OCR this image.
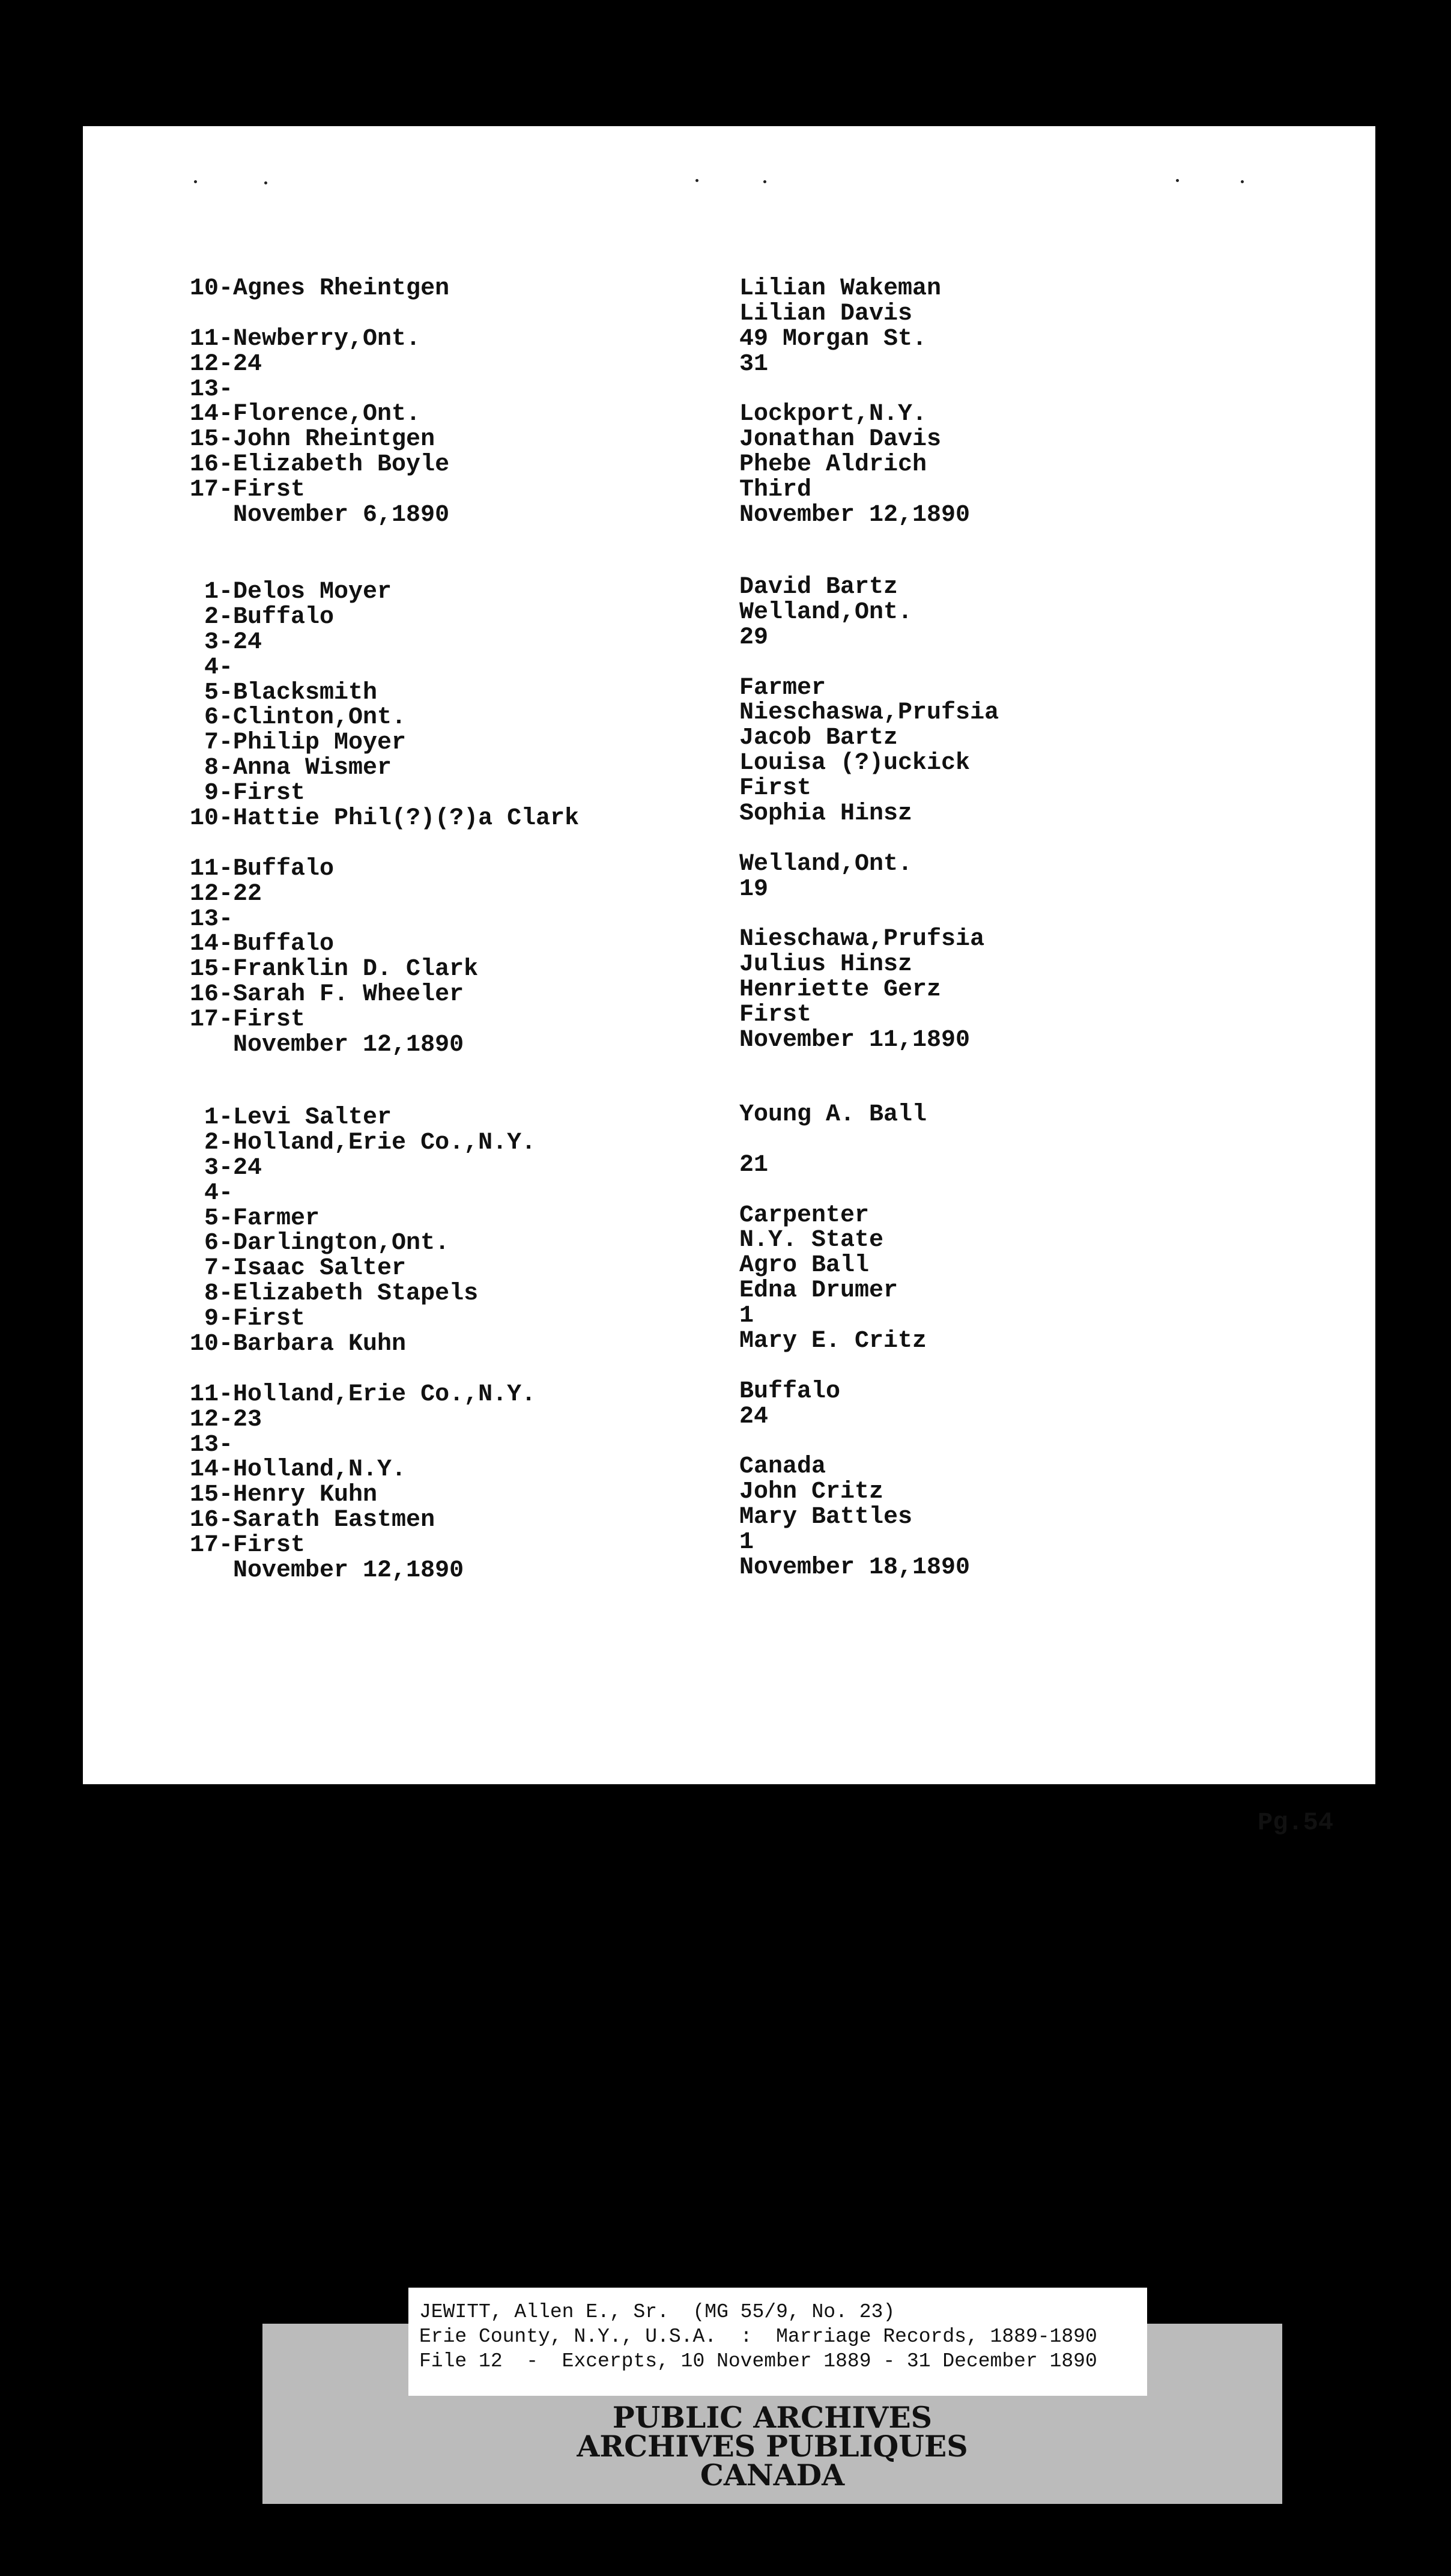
10-Agnes Rheintgen
11-Newberry,Ont.
12-24
13-
14-Florence,Ont.
15-John Rheintgen
16-Elizabeth Boyle
17-First
November 6,1890
1-Delos Moyer
2-Buffalo
3-24
4-
5-Blacksmith
6-Clinton,Ont.
7-Philip Moyer
8-Anna Wismer
9-First
10-Hattie Phil(?)(?)a Clark
11-Buffalo
12-22
13-
14-Buffalo
15-Franklin D. Clark
16-Sarah F. Wheeler
17-First
November 12,1890
1-Levi Salter
2-Holland,Erie Co.,N.Y.
3-24
4-
5-Farmer
6-Darlington,Ont.
7-Isaac Salter
8-Elizabeth Stapels
9-First
10-Barbara Kuhn
11-Holland,Erie Co.,N.Y.
12-23
13-
14-Holland,N.Y.
15-Henry Kuhn
16-Sarath Eastmen
17-First
November 12,1890
Lilian Wakeman
Lilian Davis
49 Morgan St.
31
Lockport,N.Y.
Jonathan Davis
Phebe Aldrich
Third
November 12,1890
David Bartz
Welland,Ont.
29
Farmer
Nieschaswa,Prufsia
Jacob Bartz
Louisa (?)uckick
First
Sophia Hinsz
Welland,Ont.
19
Nieschawa,Prufsia
Julius Hinsz
Henriette Gerz
First
November 11,1890
Young A. Ball
21
Carpenter
N.Y. State
Agro Ball
Edna Drumer
1
Mary E. Critz
Buffalo
24
Canada
John Critz
Mary Battles
1
November 18,1890
Pg.54
JEWITT, Allen E., Sr.  (MG 55/9, No. 23)
Erie County, N.Y., U.S.A.  :  Marriage Records, 1889-1890
File 12  -  Excerpts, 10 November 1889 - 31 December 1890
PUBLIC ARCHIVES
ARCHIVES PUBLIQUES
CANADA
